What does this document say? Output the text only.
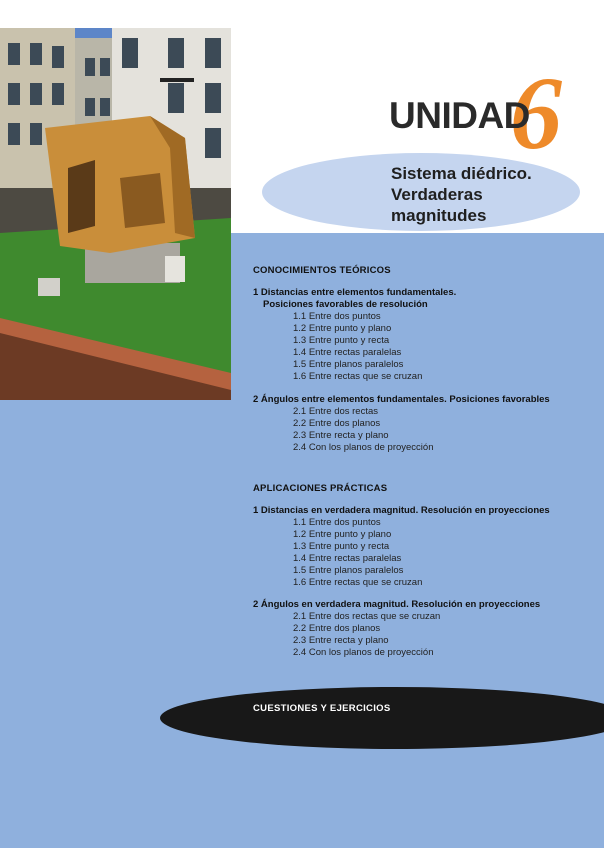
6
UNIDAD
Sistema diédrico.
Verdaderas
magnitudes
CONOCIMIENTOS TEÓRICOS
1 Distancias entre elementos fundamentales.
Posiciones favorables de resolución
1.1 Entre dos puntos
1.2 Entre punto y plano
1.3 Entre punto y recta
1.4 Entre rectas paralelas
1.5 Entre planos paralelos
1.6 Entre rectas que se cruzan
2 Ángulos entre elementos fundamentales. Posiciones favorables
2.1 Entre dos rectas
2.2 Entre dos planos
2.3 Entre recta y plano
2.4 Con los planos de proyección
APLICACIONES PRÁCTICAS
1 Distancias en verdadera magnitud. Resolución en proyecciones
1.1 Entre dos puntos
1.2 Entre punto y plano
1.3 Entre punto y recta
1.4 Entre rectas paralelas
1.5 Entre planos paralelos
1.6 Entre rectas que se cruzan
2 Ángulos en verdadera magnitud. Resolución en proyecciones
2.1 Entre dos rectas que se cruzan
2.2 Entre dos planos
2.3 Entre recta y plano
2.4 Con los planos de proyección
CUESTIONES Y EJERCICIOS
